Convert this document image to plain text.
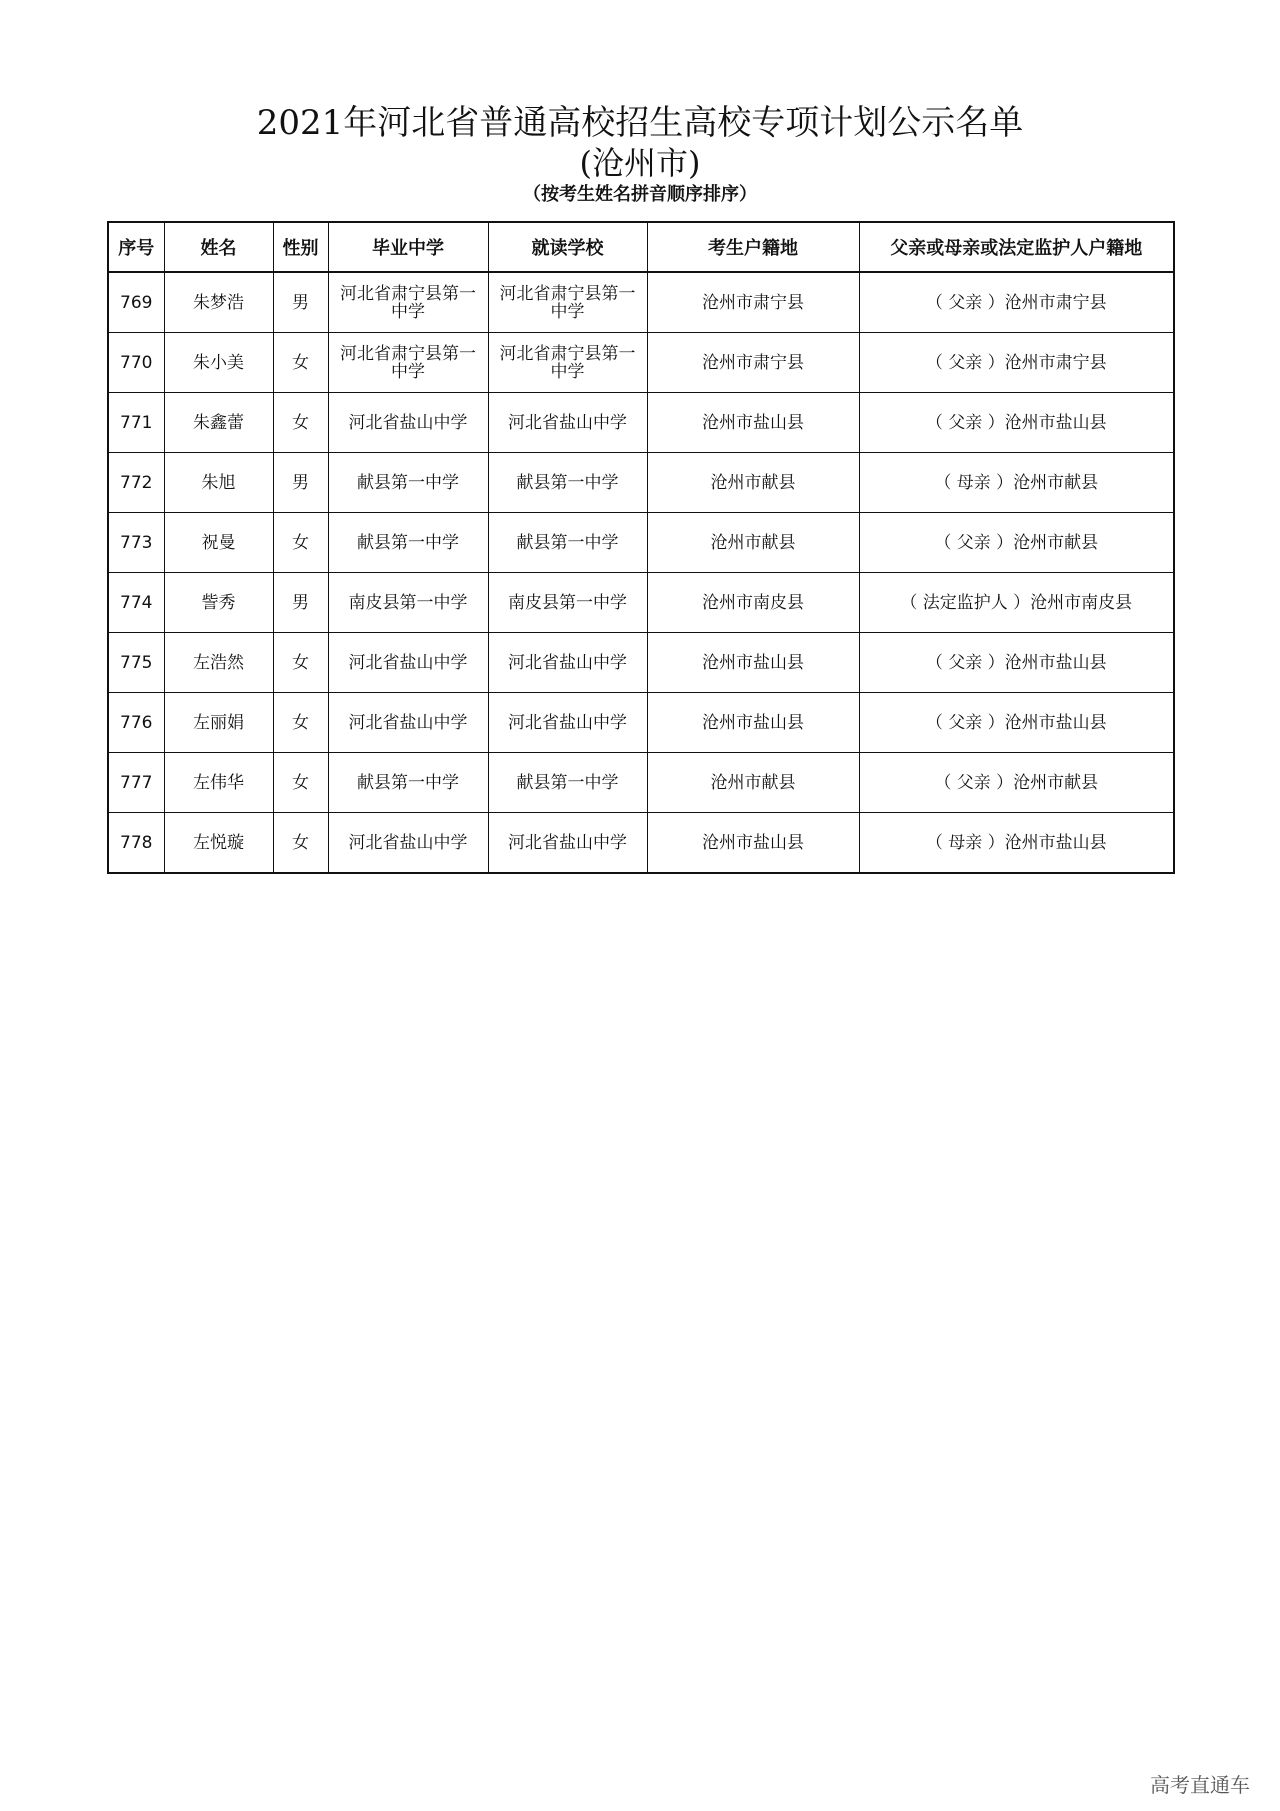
2021年河北省普通高校招生高校专项计划公示名单
(沧州市)
（按考生姓名拼音顺序排序）
序号	姓名	性别	毕业中学	就读学校	考生户籍地	父亲或母亲或法定监护人户籍地
769	朱梦浩	男	河北省肃宁县第一中学	河北省肃宁县第一中学	沧州市肃宁县	（ 父亲 ）沧州市肃宁县
770	朱小美	女	河北省肃宁县第一中学	河北省肃宁县第一中学	沧州市肃宁县	（ 父亲 ）沧州市肃宁县
771	朱鑫蕾	女	河北省盐山中学	河北省盐山中学	沧州市盐山县	（ 父亲 ）沧州市盐山县
772	朱旭	男	献县第一中学	献县第一中学	沧州市献县	（ 母亲 ）沧州市献县
773	祝曼	女	献县第一中学	献县第一中学	沧州市献县	（ 父亲 ）沧州市献县
774	訾秀	男	南皮县第一中学	南皮县第一中学	沧州市南皮县	（ 法定监护人 ）沧州市南皮县
775	左浩然	女	河北省盐山中学	河北省盐山中学	沧州市盐山县	（ 父亲 ）沧州市盐山县
776	左丽娟	女	河北省盐山中学	河北省盐山中学	沧州市盐山县	（ 父亲 ）沧州市盐山县
777	左伟华	女	献县第一中学	献县第一中学	沧州市献县	（ 父亲 ）沧州市献县
778	左悦璇	女	河北省盐山中学	河北省盐山中学	沧州市盐山县	（ 母亲 ）沧州市盐山县
高考直通车
